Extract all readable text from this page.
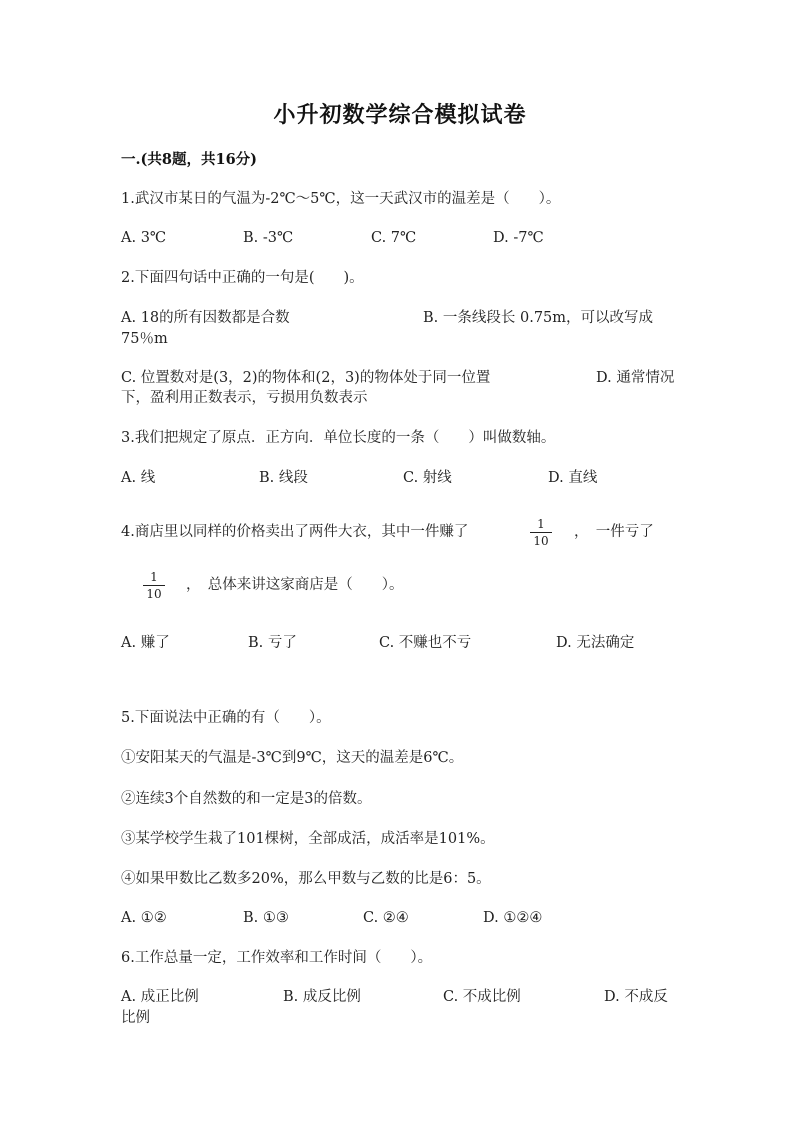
小升初数学综合模拟试卷
一.(共8题，共16分)
1.武汉市某日的气温为-2℃～5℃，这一天武汉市的温差是（　　）。
A. 3℃	B. -3℃	C. 7℃	D. -7℃
2.下面四句话中正确的一句是(　　)。
A. 18的所有因数都是合数	B. 一条线段长 0.75m，可以改写成
75％m
C. 位置数对是(3，2)的物体和(2，3)的物体处于同一位置	D. 通常情况
下，盈利用正数表示，亏损用负数表示
3.我们把规定了原点．正方向．单位长度的一条（　　）叫做数轴。
A. 线	B. 线段	C. 射线	D. 直线
4.商店里以同样的价格卖出了两件大衣，其中一件赚了	1
10
，　一件亏了
1
10
，　总体来讲这家商店是（　　）。
A. 赚了	B. 亏了	C. 不赚也不亏	D. 无法确定
5.下面说法中正确的有（　　）。
①安阳某天的气温是-3℃到9℃，这天的温差是6℃。
②连续3个自然数的和一定是3的倍数。
③某学校学生栽了101棵树，全部成活，成活率是101%。
④如果甲数比乙数多20%，那么甲数与乙数的比是6：5。
A. ①②	B. ①③	C. ②④	D. ①②④
6.工作总量一定，工作效率和工作时间（　　）。
A. 成正比例	B. 成反比例	C. 不成比例	D. 不成反
比例
